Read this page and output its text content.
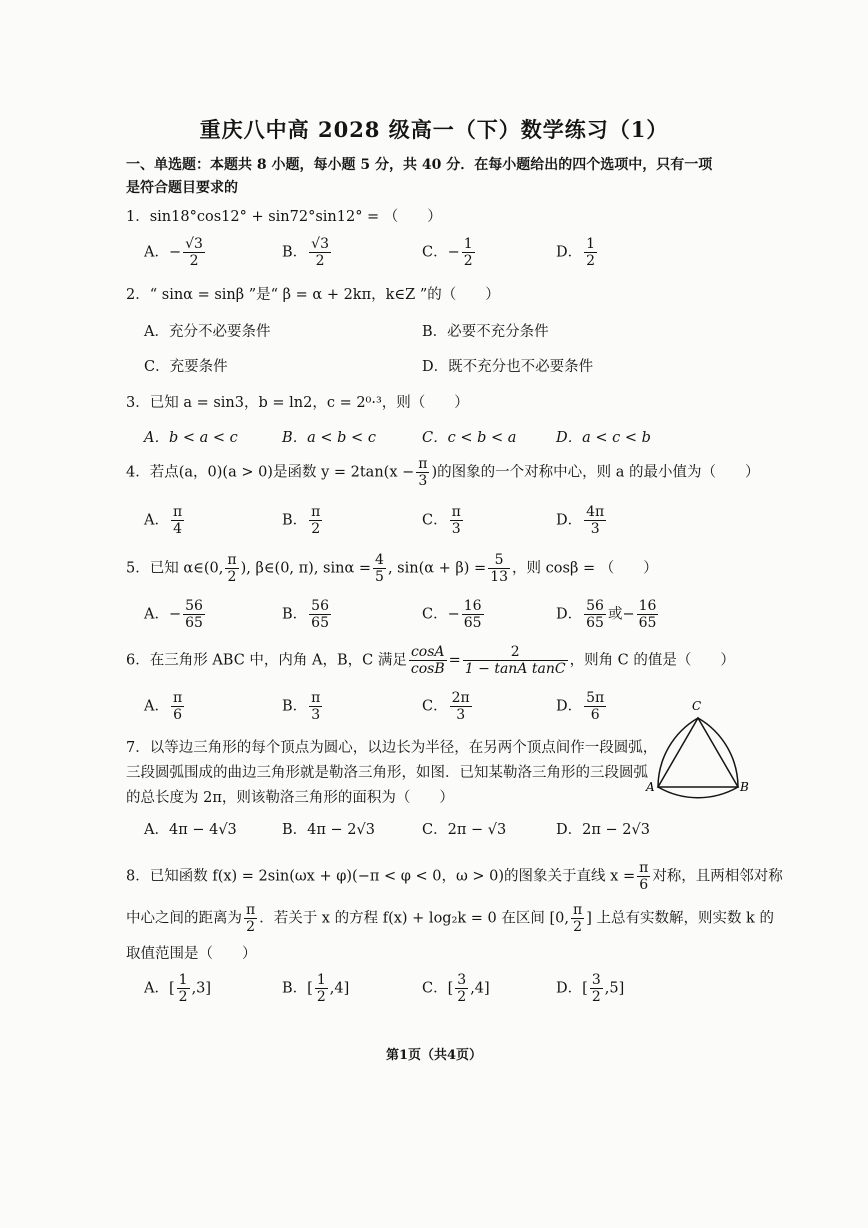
重庆八中高 2028 级高一（下）数学练习（1）
一、单选题：本题共 8 小题，每小题 5 分，共 40 分．在每小题给出的四个选项中，只有一项
是符合题目要求的
1．sin18°cos12° + sin72°sin12° = （　　）
A．− $\frac{√3}{2}$	B． $\frac{√3}{2}$	C．− $\frac{1}{2}$	D． $\frac{1}{2}$
2．“ sinα = sinβ ”是“ β = α + 2kπ，k∈Z ”的（　　）
A．充分不必要条件	B．必要不充分条件
C．充要条件	D．既不充分也不必要条件
3．已知 a = sin3，b = ln2，c = 2⁰·³，则（　　）
A．b < a < c	B．a < b < c	C．c < b < a	D．a < c < b
4．若点(a，0)(a > 0)是函数 $y = 2\tan(x - \frac{\pi}{3}$ )的图象的一个对称中心，则 a 的最小值为（　　）
A． $\frac{\pi}{4}$	B． $\frac{\pi}{2}$	C． $\frac{\pi}{3}$	D． $\frac{4\pi}{3}$
5．已知 α∈(0, $\frac{\pi}{2}$ ), β∈(0, π), $\sin\alpha = \frac{4}{5}$ , $\sin(\alpha + \beta) = \frac{5}{13}$ ，则 cosβ = （　　）
A．− $\frac{56}{65}$	B． $\frac{56}{65}$	C．− $\frac{16}{65}$	D． $\frac{56}{65}$ 或− $\frac{16}{65}$
6．在三角形 ABC 中，内角 A，B，C 满足 $\frac{\cos A}{\cos B} = \frac{2}{\text{1 − tanA tanC}}$ ，则角 C 的值是（　　）
A． $\frac{\pi}{6}$	B． $\frac{\pi}{3}$	C． $\frac{2\pi}{3}$	D． $\frac{5\pi}{6}$
7．以等边三角形的每个顶点为圆心，以边长为半径，在另两个顶点间作一段圆弧，
三段圆弧围成的曲边三角形就是勒洛三角形，如图．已知某勒洛三角形的三段圆弧
的总长度为 2π，则该勒洛三角形的面积为（　　）
A．4π − 4√3	B．4π − 2√3	C．2π − √3	D．2π − 2√3
C
A	B
8．已知函数 f(x) = 2sin(ωx + φ)(−π < φ < 0，ω > 0)的图象关于直线 $x = \frac{\pi}{6}$ 对称，且两相邻对称
中心之间的距离为 $\frac{\pi}{2}$ ．若关于 x 的方程 f(x) + log₂k = 0 在区间 [0, $\frac{\pi}{2}$ ] 上总有实数解，则实数 k 的
取值范围是（　　）
A．[ $\frac{1}{2} ,3$]	B．[ $\frac{1}{2} ,4$]	C．[ $\frac{3}{2} ,4$]	D．[ $\frac{3}{2} ,5$]
第1页（共4页）
